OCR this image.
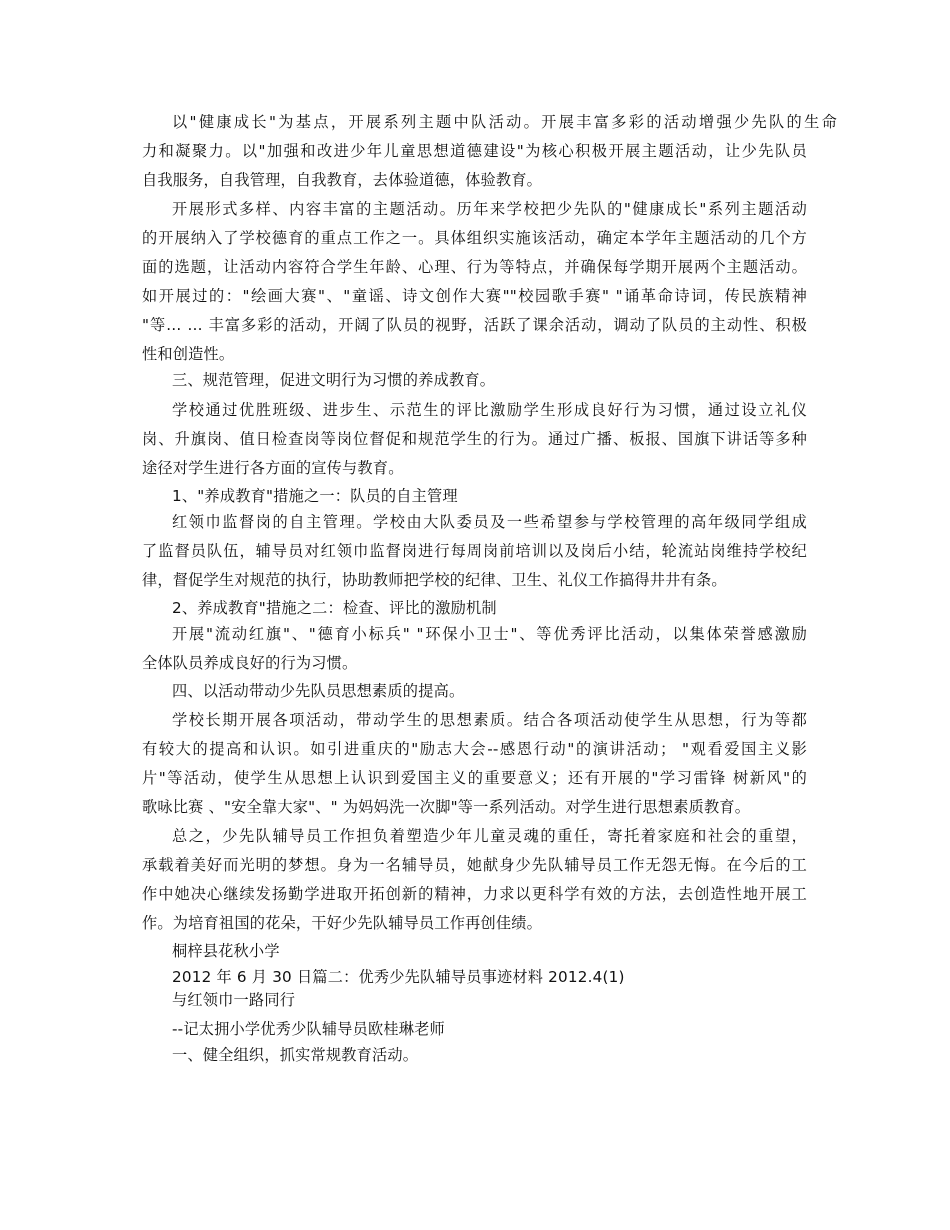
以"健康成长"为基点，开展系列主题中队活动。开展丰富多彩的活动增强少先队的生命
力和凝聚力。以"加强和改进少年儿童思想道德建设"为核心积极开展主题活动，让少先队员
自我服务，自我管理，自我教育，去体验道德，体验教育。
开展形式多样、内容丰富的主题活动。历年来学校把少先队的"健康成长"系列主题活动
的开展纳入了学校德育的重点工作之一。具体组织实施该活动，确定本学年主题活动的几个方
面的选题，让活动内容符合学生年龄、心理、行为等特点，并确保每学期开展两个主题活动。
如开展过的："绘画大赛"、"童谣、诗文创作大赛""校园歌手赛" "诵革命诗词，传民族精神
"等… … 丰富多彩的活动，开阔了队员的视野，活跃了课余活动，调动了队员的主动性、积极
性和创造性。
三、规范管理，促进文明行为习惯的养成教育。
学校通过优胜班级、进步生、示范生的评比激励学生形成良好行为习惯，通过设立礼仪
岗、升旗岗、值日检查岗等岗位督促和规范学生的行为。通过广播、板报、国旗下讲话等多种
途径对学生进行各方面的宣传与教育。
1、"养成教育"措施之一：队员的自主管理
红领巾监督岗的自主管理。学校由大队委员及一些希望参与学校管理的高年级同学组成
了监督员队伍，辅导员对红领巾监督岗进行每周岗前培训以及岗后小结，轮流站岗维持学校纪
律，督促学生对规范的执行，协助教师把学校的纪律、卫生、礼仪工作搞得井井有条。
2、养成教育"措施之二：检查、评比的激励机制
开展"流动红旗"、"德育小标兵" "环保小卫士"、等优秀评比活动，以集体荣誉感激励
全体队员养成良好的行为习惯。
四、以活动带动少先队员思想素质的提高。
学校长期开展各项活动，带动学生的思想素质。结合各项活动使学生从思想，行为等都
有较大的提高和认识。如引进重庆的"励志大会--感恩行动"的演讲活动； "观看爱国主义影
片"等活动，使学生从思想上认识到爱国主义的重要意义；还有开展的"学习雷锋 树新风"的
歌咏比赛 、"安全靠大家"、" 为妈妈洗一次脚"等一系列活动。对学生进行思想素质教育。
总之，少先队辅导员工作担负着塑造少年儿童灵魂的重任，寄托着家庭和社会的重望，
承载着美好而光明的梦想。身为一名辅导员，她献身少先队辅导员工作无怨无悔。在今后的工
作中她决心继续发扬勤学进取开拓创新的精神，力求以更科学有效的方法，去创造性地开展工
作。为培育祖国的花朵，干好少先队辅导员工作再创佳绩。
桐梓县花秋小学
2012 年 6 月 30 日篇二：优秀少先队辅导员事迹材料 2012.4(1)
与红领巾一路同行
--记太拥小学优秀少队辅导员欧桂琳老师
一、健全组织，抓实常规教育活动。
